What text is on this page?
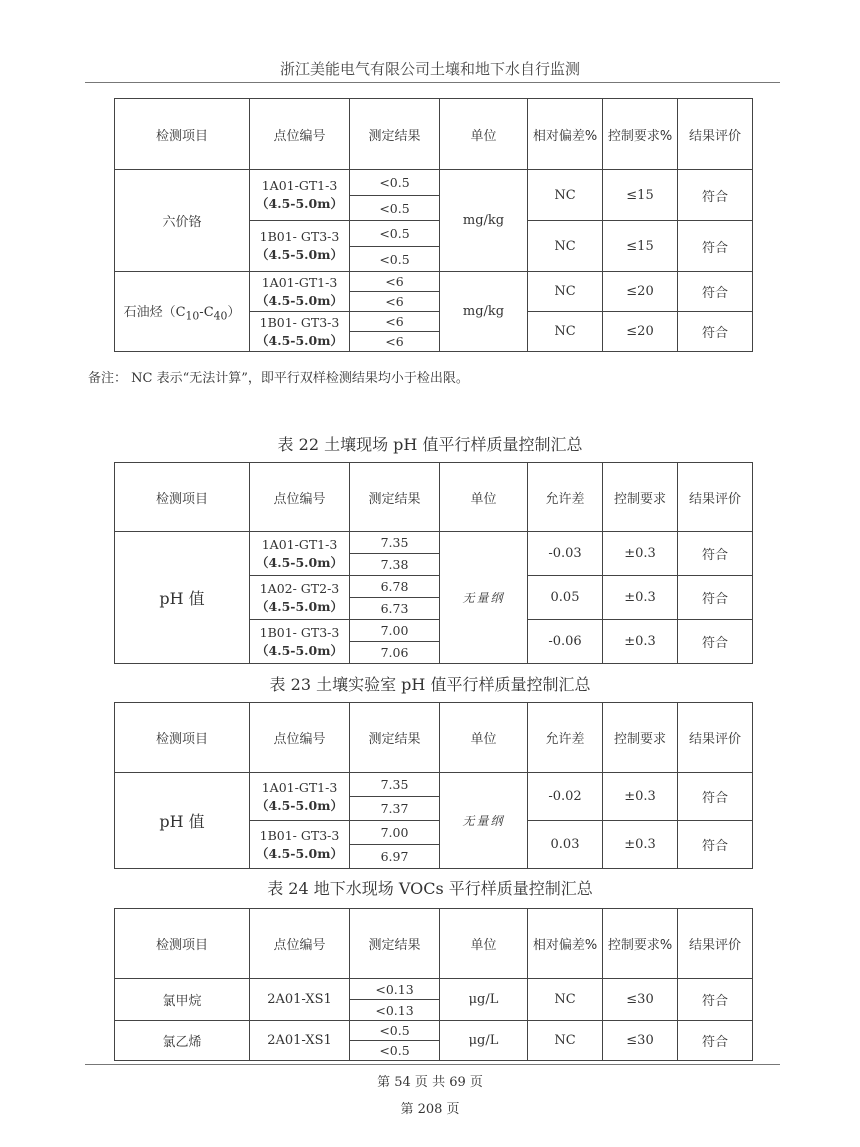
浙江美能电气有限公司土壤和地下水自行监测
检测项目	点位编号	测定结果	单位	相对偏差%	控制要求%	结果评价
六价铬	1A01-GT1-3
（4.5-5.0m）	<0.5	mg/kg	NC	≤15	符合
		<0.5				

	1B01- GT3-3
（4.5-5.0m）	<0.5		NC	≤15	符合
		<0.5				
石油烃$(C_{10}-C_{40})$	1A01-GT1-3
（4.5-5.0m）	<6	mg/kg	NC	≤20	符合
		<6				

	1B01- GT3-3
（4.5-5.0m）	<6		NC	≤20	符合
		<6				
备注： NC 表示“无法计算”，即平行双样检测结果均小于检出限。
表 22 土壤现场 pH 值平行样质量控制汇总
检测项目	点位编号	测定结果	单位	允许差	控制要求	结果评价
pH 值	1A01-GT1-3
（4.5-5.0m）	7.35	无量纲	-0.03	±0.3	符合
		7.38				

	1A02- GT2-3
（4.5-5.0m）	6.78		0.05	±0.3	符合
		6.73				

	1B01- GT3-3
（4.5-5.0m）	7.00		-0.06	±0.3	符合
		7.06				
表 23 土壤实验室 pH 值平行样质量控制汇总
检测项目	点位编号	测定结果	单位	允许差	控制要求	结果评价
pH 值	1A01-GT1-3
（4.5-5.0m）	7.35	无量纲	-0.02	±0.3	符合
		7.37				

	1B01- GT3-3
（4.5-5.0m）	7.00		0.03	±0.3	符合
		6.97				
表 24 地下水现场 VOCs 平行样质量控制汇总
检测项目	点位编号	测定结果	单位	相对偏差%	控制要求%	结果评价
氯甲烷	2A01-XS1	<0.13	μg/L	NC	≤30	符合
		<0.13				
氯乙烯	2A01-XS1	<0.5	μg/L	NC	≤30	符合
		<0.5				
第 54 页 共 69 页
第 208 页
